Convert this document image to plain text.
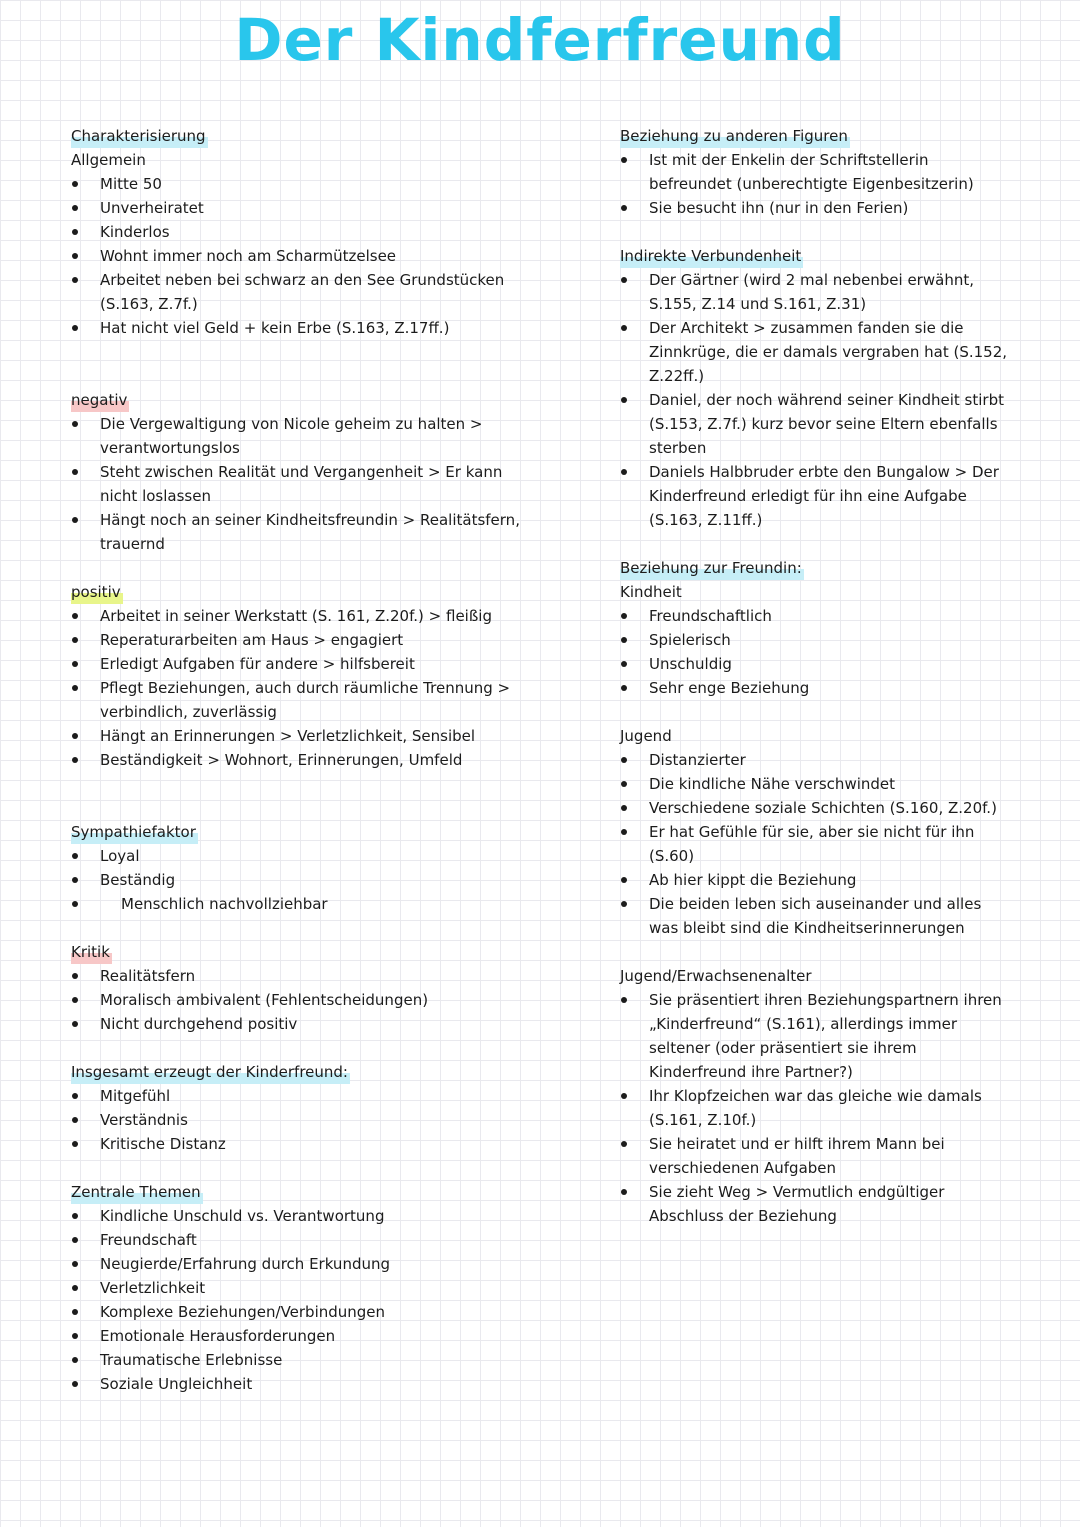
Der Kindferfreund
Charakterisierung
Allgemein
Mitte 50
Unverheiratet
Kinderlos
Wohnt immer noch am Scharmützelsee
Arbeitet neben bei schwarz an den See Grundstücken (S.163, Z.7f.)
Hat nicht viel Geld + kein Erbe (S.163, Z.17ff.)
negativ
Die Vergewaltigung von Nicole geheim zu halten > verantwortungslos
Steht zwischen Realität und Vergangenheit > Er kann nicht loslassen
Hängt noch an seiner Kindheitsfreundin > Realitätsfern, trauernd
positiv
Arbeitet in seiner Werkstatt (S. 161, Z.20f.) > fleißig
Reperaturarbeiten am Haus > engagiert
Erledigt Aufgaben für andere > hilfsbereit
Pflegt Beziehungen, auch durch räumliche Trennung > verbindlich, zuverlässig
Hängt an Erinnerungen > Verletzlichkeit, Sensibel
Beständigkeit > Wohnort, Erinnerungen, Umfeld
Sympathiefaktor
Loyal
Beständig
Menschlich nachvollziehbar
Kritik
Realitätsfern
Moralisch ambivalent (Fehlentscheidungen)
Nicht durchgehend positiv
Insgesamt erzeugt der Kinderfreund:
Mitgefühl
Verständnis
Kritische Distanz
Zentrale Themen
Kindliche Unschuld vs. Verantwortung
Freundschaft
Neugierde/Erfahrung durch Erkundung
Verletzlichkeit
Komplexe Beziehungen/Verbindungen
Emotionale Herausforderungen
Traumatische Erlebnisse
Soziale Ungleichheit
Beziehung zu anderen Figuren
Ist mit der Enkelin der Schriftstellerin befreundet (unberechtigte Eigenbesitzerin)
Sie besucht ihn (nur in den Ferien)
Indirekte Verbundenheit
Der Gärtner (wird 2 mal nebenbei erwähnt, S.155, Z.14 und S.161, Z.31)
Der Architekt > zusammen fanden sie die Zinnkrüge, die er damals vergraben hat (S.152, Z.22ff.)
Daniel, der noch während seiner Kindheit stirbt (S.153, Z.7f.) kurz bevor seine Eltern ebenfalls sterben
Daniels Halbbruder erbte den Bungalow > Der Kinderfreund erledigt für ihn eine Aufgabe (S.163, Z.11ff.)
Beziehung zur Freundin:
Kindheit
Freundschaftlich
Spielerisch
Unschuldig
Sehr enge Beziehung
Jugend
Distanzierter
Die kindliche Nähe verschwindet
Verschiedene soziale Schichten (S.160, Z.20f.)
Er hat Gefühle für sie, aber sie nicht für ihn (S.60)
Ab hier kippt die Beziehung
Die beiden leben sich auseinander und alles was bleibt sind die Kindheitserinnerungen
Jugend/Erwachsenenalter
Sie präsentiert ihren Beziehungspartnern ihren „Kinderfreund“ (S.161), allerdings immer seltener (oder präsentiert sie ihrem Kinderfreund ihre Partner?)
Ihr Klopfzeichen war das gleiche wie damals (S.161, Z.10f.)
Sie heiratet und er hilft ihrem Mann bei verschiedenen Aufgaben
Sie zieht Weg > Vermutlich endgültiger Abschluss der Beziehung
